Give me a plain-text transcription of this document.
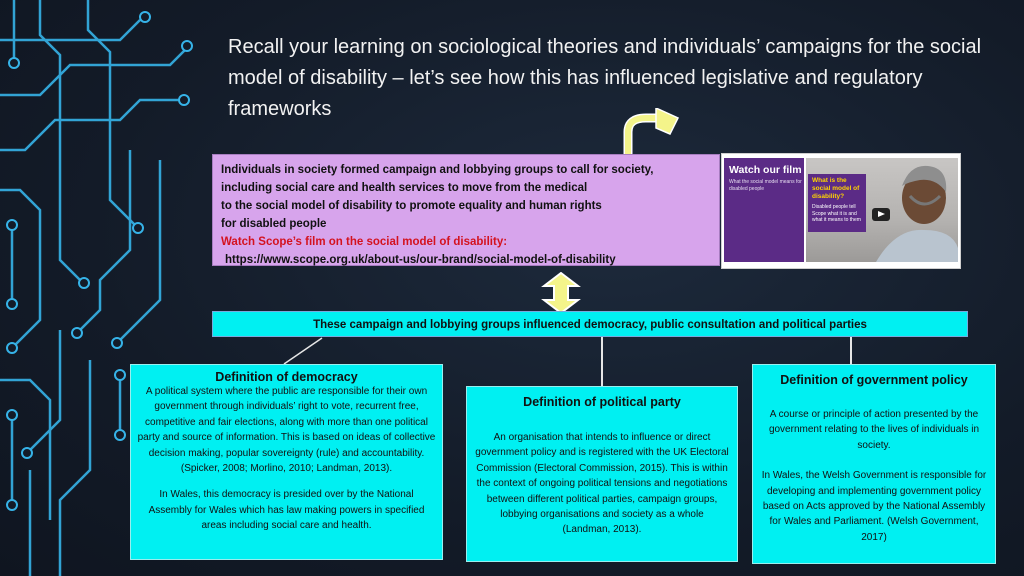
Recall your learning on sociological theories and individuals’ campaigns for the social model of disability – let’s see how this has influenced legislative and regulatory frameworks
Individuals in society formed campaign and lobbying groups to call for society,
including social care and health services to move from the medical
to the social model of disability to promote equality and human rights
for disabled people
Watch Scope’s film on the social model of disability:
https://www.scope.org.uk/about-us/our-brand/social-model-of-disability
Watch our film
What the social model means for disabled people
What is the social model of disability?
Disabled people tell Scope what it is and what it means to them
These campaign and lobbying groups influenced democracy, public consultation and political parties
Definition of democracy
A political system where the public are responsible for their own government through individuals’ right to vote, recurrent free, competitive and fair elections, along with more than one political party and source of information. This is based on ideas of collective decision making, popular sovereignty (rule) and accountability. (Spicker, 2008; Morlino, 2010; Landman, 2013).
In Wales, this democracy is presided over by the National Assembly for Wales which has law making powers in specified areas including social care and health.
Definition of political party
An organisation that intends to influence or direct government policy and is registered with the UK Electoral Commission (Electoral Commission, 2015). This is within the context of ongoing political tensions and negotiations between different political parties, campaign groups, lobbying organisations and society as a whole (Landman, 2013).
Definition of government policy
A course or principle of action presented by the government relating to the lives of individuals in society.
In Wales, the Welsh Government is responsible for developing and implementing government policy based on Acts approved by the National Assembly for Wales and Parliament. (Welsh Government, 2017)
